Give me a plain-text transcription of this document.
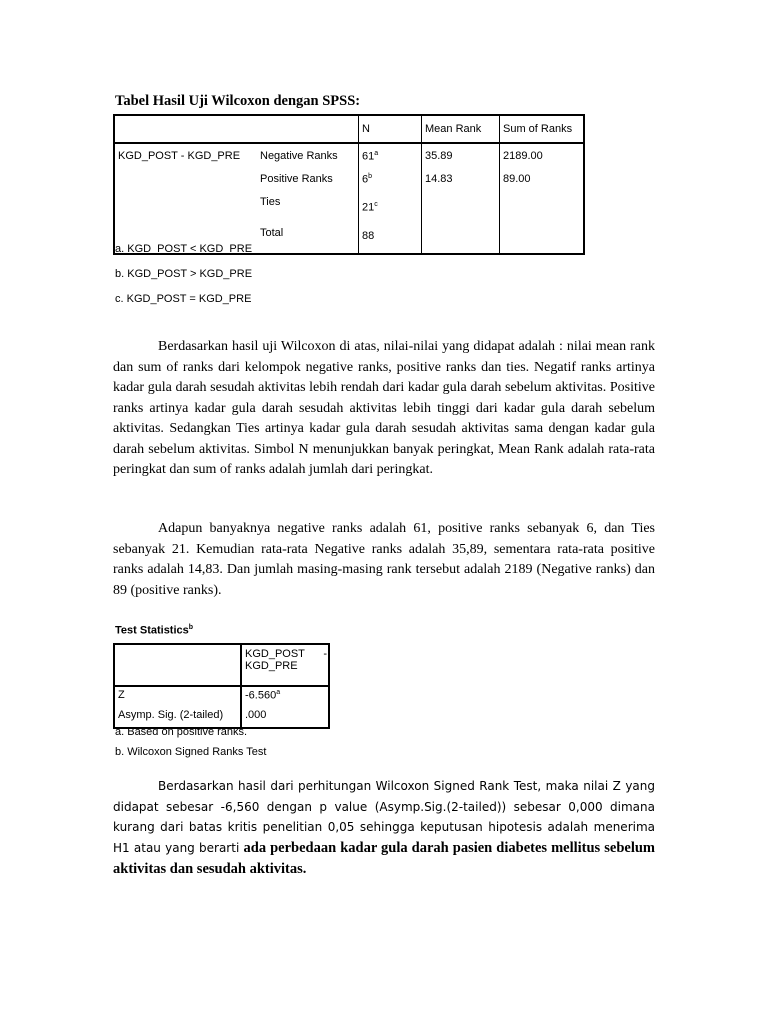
Tabel Hasil Uji Wilcoxon dengan SPSS:
		N	Mean Rank	Sum of Ranks
KGD_POST - KGD_PRE	Negative Ranks	61$^a$	35.89	2189.00
	Positive Ranks	6$^b$	14.83	89.00
	Ties	21$^c$		
	Total	88		
a. KGD_POST < KGD_PRE
b. KGD_POST > KGD_PRE
c. KGD_POST = KGD_PRE

Berdasarkan hasil uji Wilcoxon di atas, nilai-nilai yang didapat adalah : nilai mean rank dan sum of ranks dari kelompok negative ranks, positive ranks dan ties. Negatif ranks artinya kadar gula darah sesudah aktivitas lebih rendah dari kadar gula darah sebelum aktivitas. Positive ranks artinya kadar gula darah sesudah aktivitas lebih tinggi dari kadar gula darah sebelum aktivitas. Sedangkan Ties artinya kadar gula darah sesudah aktivitas sama dengan kadar gula darah sebelum aktivitas. Simbol N menunjukkan banyak peringkat, Mean Rank adalah rata-rata peringkat dan sum of ranks adalah jumlah dari peringkat.

Adapun banyaknya negative ranks adalah 61, positive ranks sebanyak 6, dan Ties sebanyak 21. Kemudian rata-rata Negative ranks adalah 35,89, sementara rata-rata positive ranks adalah 14,83. Dan jumlah masing-masing rank tersebut adalah 2189 (Negative ranks) dan 89 (positive ranks).

Test Statistics$^b$

	KGD_POST -
KGD_PRE

Z	-6.560$^a$
Asymp. Sig. (2-tailed)	.000
a. Based on positive ranks.
b. Wilcoxon Signed Ranks Test

Berdasarkan hasil dari perhitungan Wilcoxon Signed Rank Test, maka nilai Z yang didapat sebesar -6,560 dengan p value (Asymp.Sig.(2-tailed)) sebesar 0,000 dimana kurang dari batas kritis penelitian 0,05 sehingga keputusan hipotesis adalah menerima H1 atau yang berarti ada perbedaan kadar gula darah pasien diabetes mellitus sebelum aktivitas dan sesudah aktivitas.
